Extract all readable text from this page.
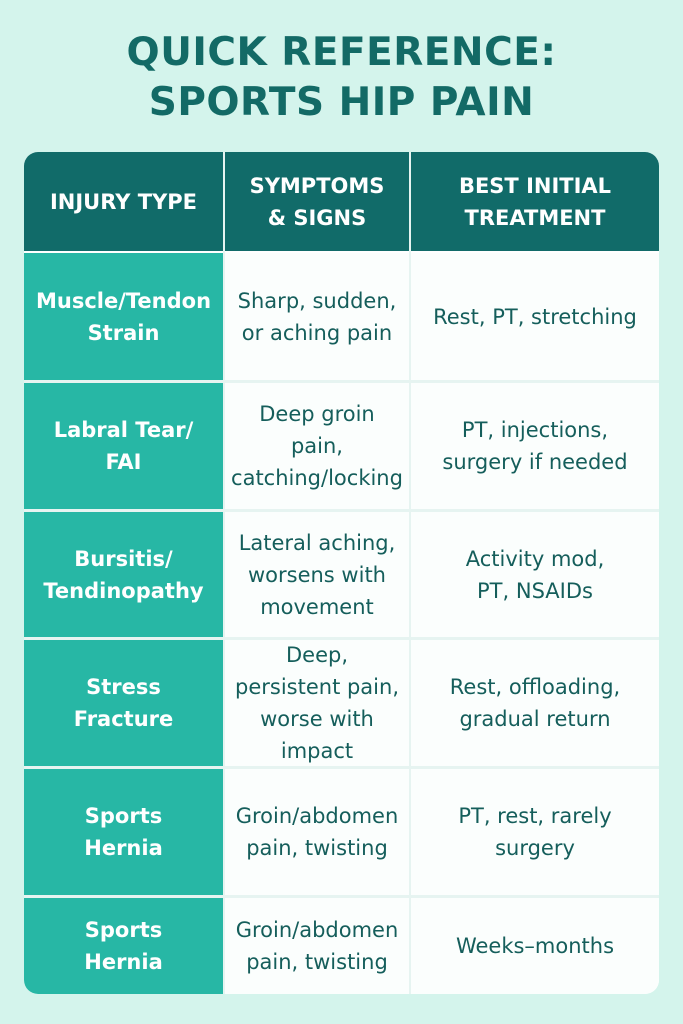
QUICK REFERENCE:
SPORTS HIP PAIN
INJURY TYPE
SYMPTOMS
& SIGNS
BEST INITIAL
TREATMENT
Muscle/Tendon
Strain
Sharp, sudden,
or aching pain
Rest, PT, stretching
Labral Tear/
FAI
Deep groin
pain,
catching/locking
PT, injections,
surgery if needed
Bursitis/
Tendinopathy
Lateral aching,
worsens with
movement
Activity mod,
PT, NSAIDs
Stress
Fracture
Deep,
persistent pain,
worse with
impact
Rest, offloading,
gradual return
Sports
Hernia
Groin/abdomen
pain, twisting
PT, rest, rarely
surgery
Sports
Hernia
Groin/abdomen
pain, twisting
Weeks–months
